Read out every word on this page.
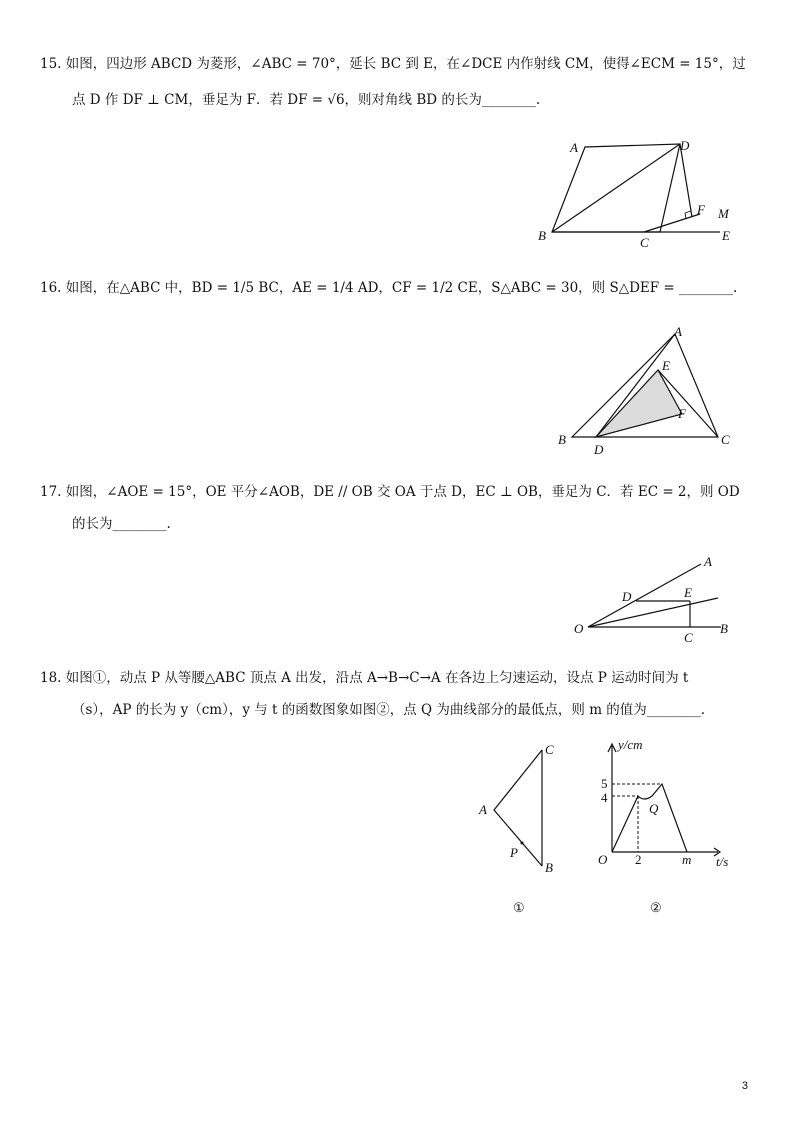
15. 如图，四边形 ABCD 为菱形，∠ABC = 70°，延长 BC 到 E，在∠DCE 内作射线 CM，使得∠ECM = 15°，过
点 D 作 DF ⊥ CM，垂足为 F．若 DF = √6，则对角线 BD 的长为________.
A	D
B	C
F M
E
16. 如图，在△ABC 中，BD = 1/5 BC，AE = 1/4 AD，CF = 1/2 CE，S△ABC = 30，则 S△DEF = ________.
A
E
F
B
D
C
17. 如图，∠AOE = 15°，OE 平分∠AOB，DE // OB 交 OA 于点 D，EC ⊥ OB，垂足为 C．若 EC = 2，则 OD
的长为________.
A
D	E
O
C
B
18. 如图①，动点 P 从等腰△ABC 顶点 A 出发，沿点 A→B→C→A 在各边上匀速运动，设点 P 运动时间为 t
（s），AP 的长为 y（cm），y 与 t 的函数图象如图②，点 Q 为曲线部分的最低点，则 m 的值为________.
C
A
P
B
①
y/cm
5
4
Q
O 2	m t/s
②
3
